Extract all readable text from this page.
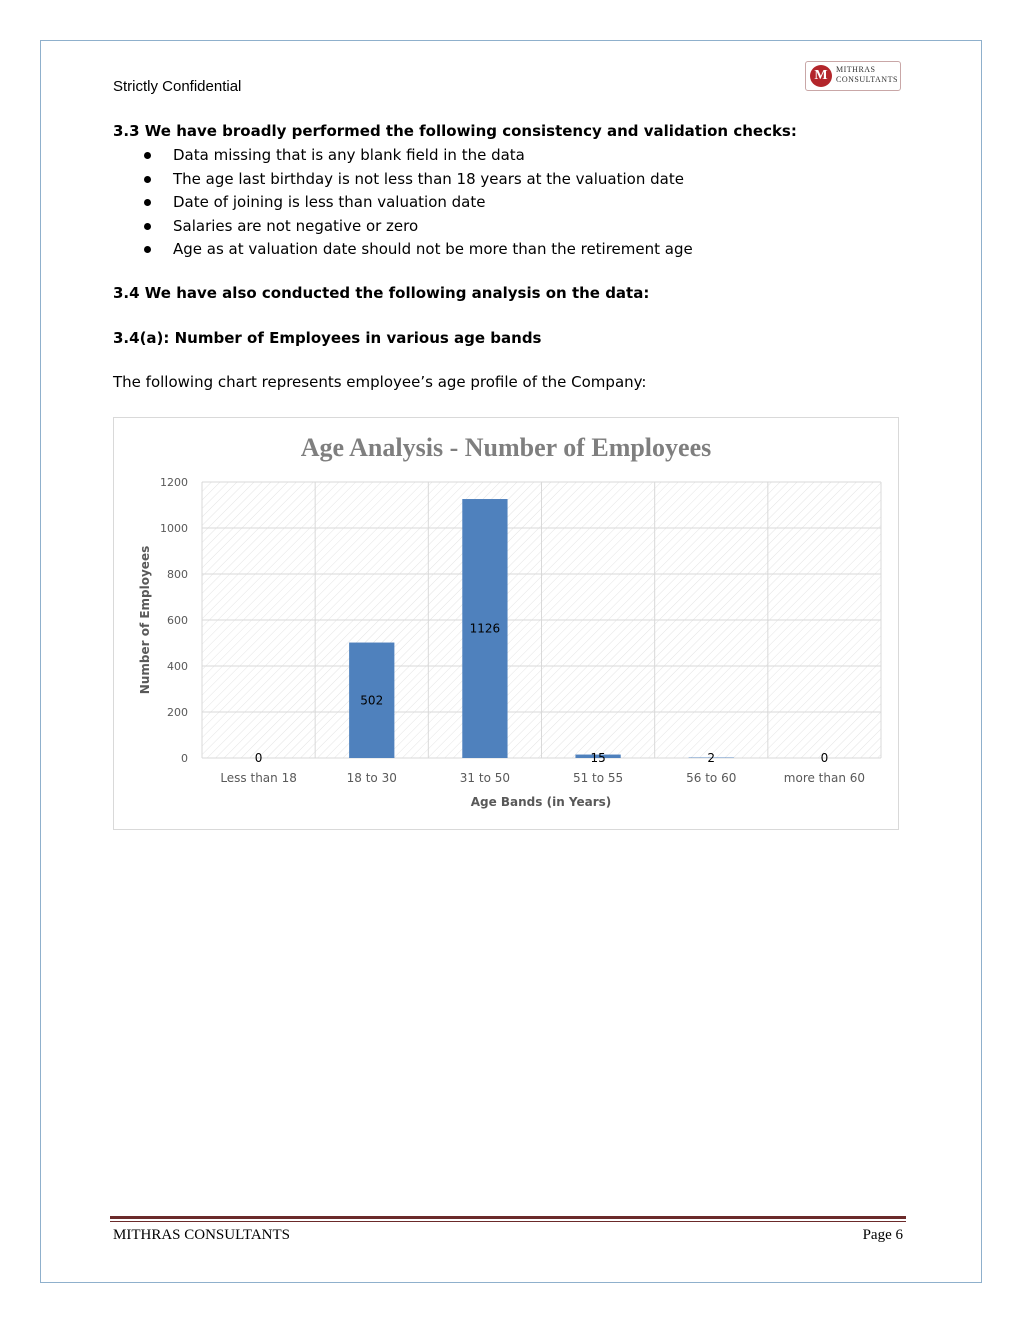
Strictly Confidential
M	MITHRAS
CONSULTANTS
3.3 We have broadly performed the following consistency and validation checks:
Data missing that is any blank field in the data
The age last birthday is not less than 18 years at the valuation date
Date of joining is less than valuation date
Salaries are not negative or zero
Age as at valuation date should not be more than the retirement age
3.4 We have also conducted the following analysis on the data:
3.4(a): Number of Employees in various age bands
The following chart represents employee’s age profile of the Company:
Age Analysis - Number of Employees
0
200
400
600
800
1000
1200
0
Less than 18
502
18 to 30
1126
31 to 50
15
51 to 55
2
56 to 60
0
more than 60
Age Bands (in Years)
Number of Employees
MITHRAS CONSULTANTS	Page 6
